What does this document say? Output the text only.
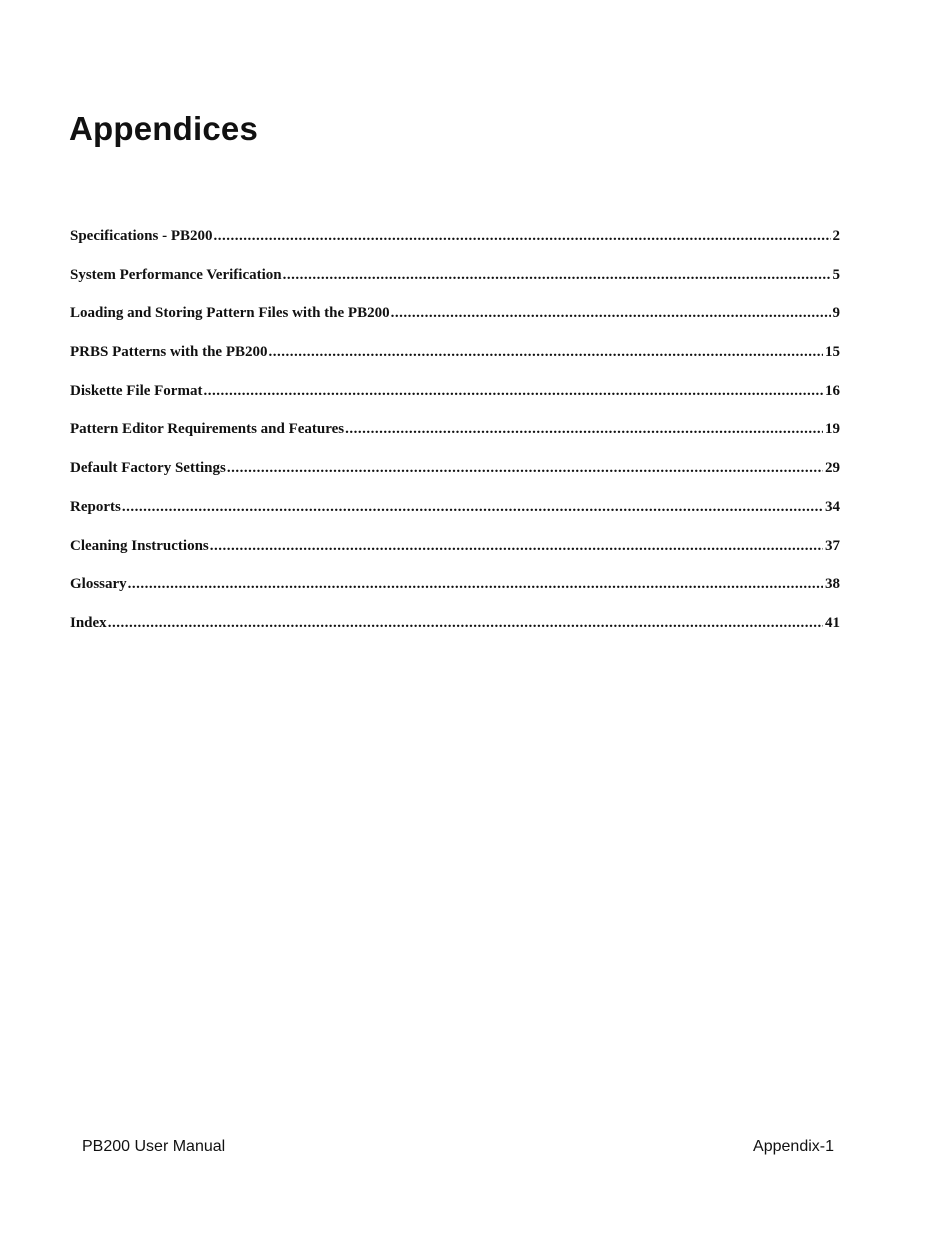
Appendices
Specifications - PB200 .....	2
System Performance Verification .....	5
Loading and Storing Pattern Files with the PB200 .....	9
PRBS Patterns with the PB200 .....	15
Diskette File Format .....	16
Pattern Editor Requirements and Features .....	19
Default Factory Settings .....	29
Reports .....	34
Cleaning Instructions .....	37
Glossary .....	38
Index .....	41
PB200 User Manual	Appendix-1
